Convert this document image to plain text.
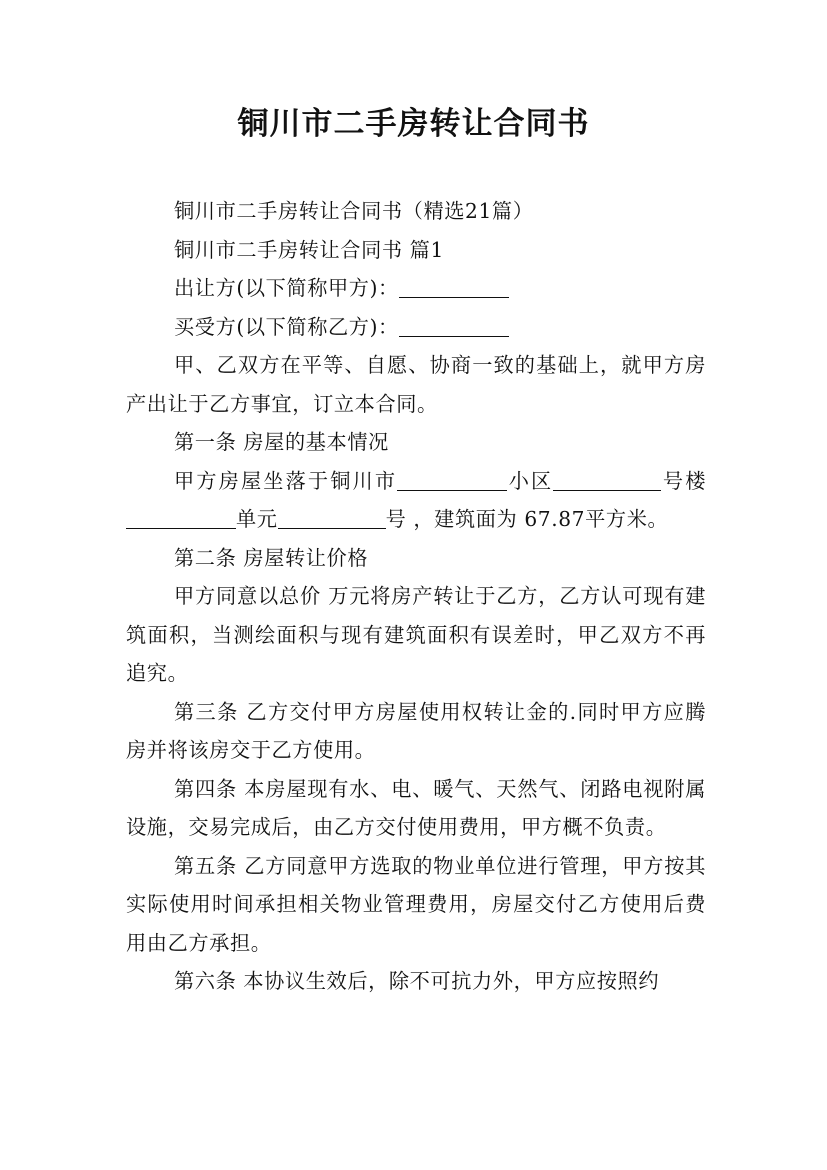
铜川市二手房转让合同书

铜川市二手房转让合同书（精选21篇）

铜川市二手房转让合同书 篇1

出让方(以下简称甲方)：

买受方(以下简称乙方)：

甲、乙双方在平等、自愿、协商一致的基础上，就甲方房产出让于乙方事宜，订立本合同。

第一条 房屋的基本情况

甲方房屋坐落于铜川市	小区	号楼单元	号 ，建筑面为 67.87平方米。

第二条 房屋转让价格

甲方同意以总价 万元将房产转让于乙方，乙方认可现有建筑面积，当测绘面积与现有建筑面积有误差时，甲乙双方不再追究。

第三条 乙方交付甲方房屋使用权转让金的.同时甲方应腾房并将该房交于乙方使用。

第四条 本房屋现有水、电、暖气、天然气、闭路电视附属设施，交易完成后，由乙方交付使用费用，甲方概不负责。

第五条 乙方同意甲方选取的物业单位进行管理，甲方按其实际使用时间承担相关物业管理费用，房屋交付乙方使用后费用由乙方承担。

第六条 本协议生效后，除不可抗力外，甲方应按照约
